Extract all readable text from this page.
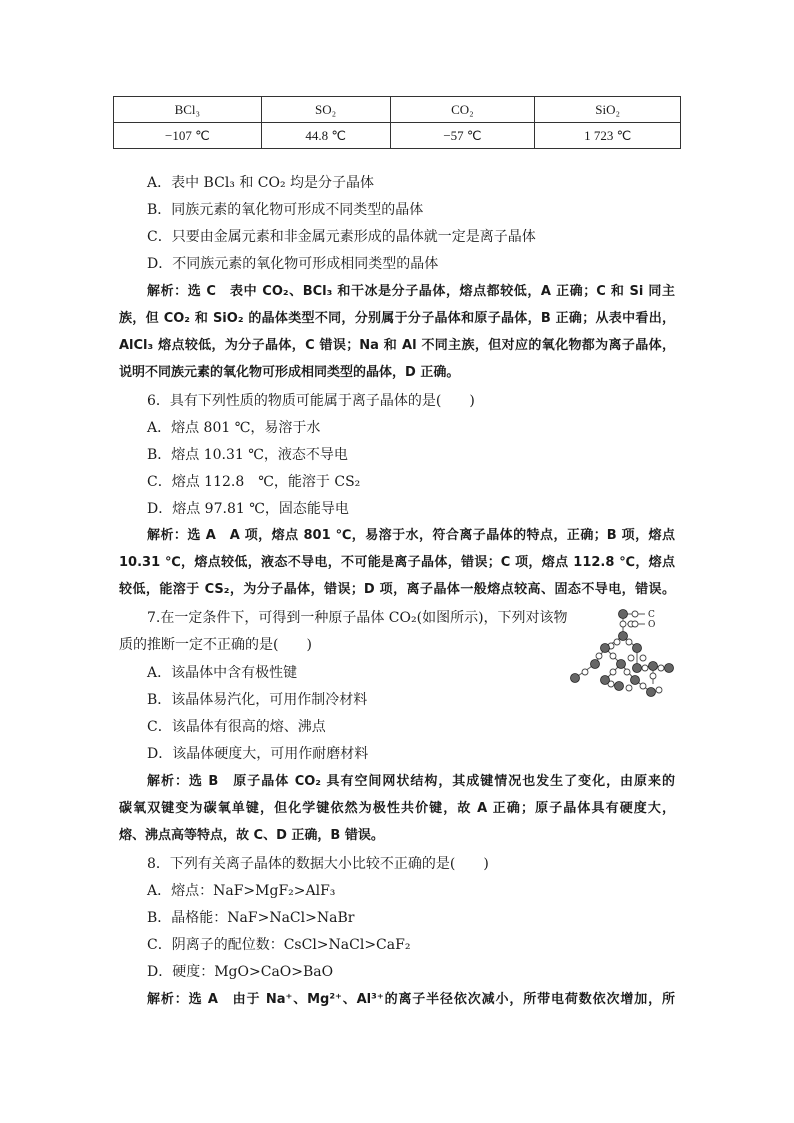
BCl₃	SO₂	CO₂	SiO₂
−107 ℃	44.8 ℃	−57 ℃	1 723 ℃
A．表中 BCl₃ 和 CO₂ 均是分子晶体
B．同族元素的氧化物可形成不同类型的晶体
C．只要由金属元素和非金属元素形成的晶体就一定是离子晶体
D．不同族元素的氧化物可形成相同类型的晶体
解析：选 C　表中 CO₂、BCl₃ 和干冰是分子晶体，熔点都较低，A 正确；C 和 Si 同主
族，但 CO₂ 和 SiO₂ 的晶体类型不同，分别属于分子晶体和原子晶体，B 正确；从表中看出，
AlCl₃ 熔点较低，为分子晶体，C 错误；Na 和 Al 不同主族，但对应的氧化物都为离子晶体，
说明不同族元素的氧化物可形成相同类型的晶体，D 正确。
6．具有下列性质的物质可能属于离子晶体的是(　　)
A．熔点 801 ℃，易溶于水
B．熔点 10.31 ℃，液态不导电
C．熔点 112.8　℃，能溶于 CS₂
D．熔点 97.81 ℃，固态能导电
解析：选 A　A 项，熔点 801 ℃，易溶于水，符合离子晶体的特点，正确；B 项，熔点
10.31 ℃，熔点较低，液态不导电，不可能是离子晶体，错误；C 项，熔点 112.8 ℃，熔点
较低，能溶于 CS₂，为分子晶体，错误；D 项，离子晶体一般熔点较高、固态不导电，错误。
7.在一定条件下，可得到一种原子晶体 CO₂(如图所示)，下列对该物
质的推断一定不正确的是(　　)
C
O
A．该晶体中含有极性键
B．该晶体易汽化，可用作制冷材料
C．该晶体有很高的熔、沸点
D．该晶体硬度大，可用作耐磨材料
解析：选 B　原子晶体 CO₂ 具有空间网状结构，其成键情况也发生了变化，由原来的
碳氧双键变为碳氧单键，但化学键依然为极性共价键，故 A 正确；原子晶体具有硬度大，
熔、沸点高等特点，故 C、D 正确，B 错误。
8．下列有关离子晶体的数据大小比较不正确的是(　　)
A．熔点：NaF>MgF₂>AlF₃
B．晶格能：NaF>NaCl>NaBr
C．阴离子的配位数：CsCl>NaCl>CaF₂
D．硬度：MgO>CaO>BaO
解析：选 A　由于 Na⁺、Mg²⁺、Al³⁺的离子半径依次减小，所带电荷数依次增加，所
